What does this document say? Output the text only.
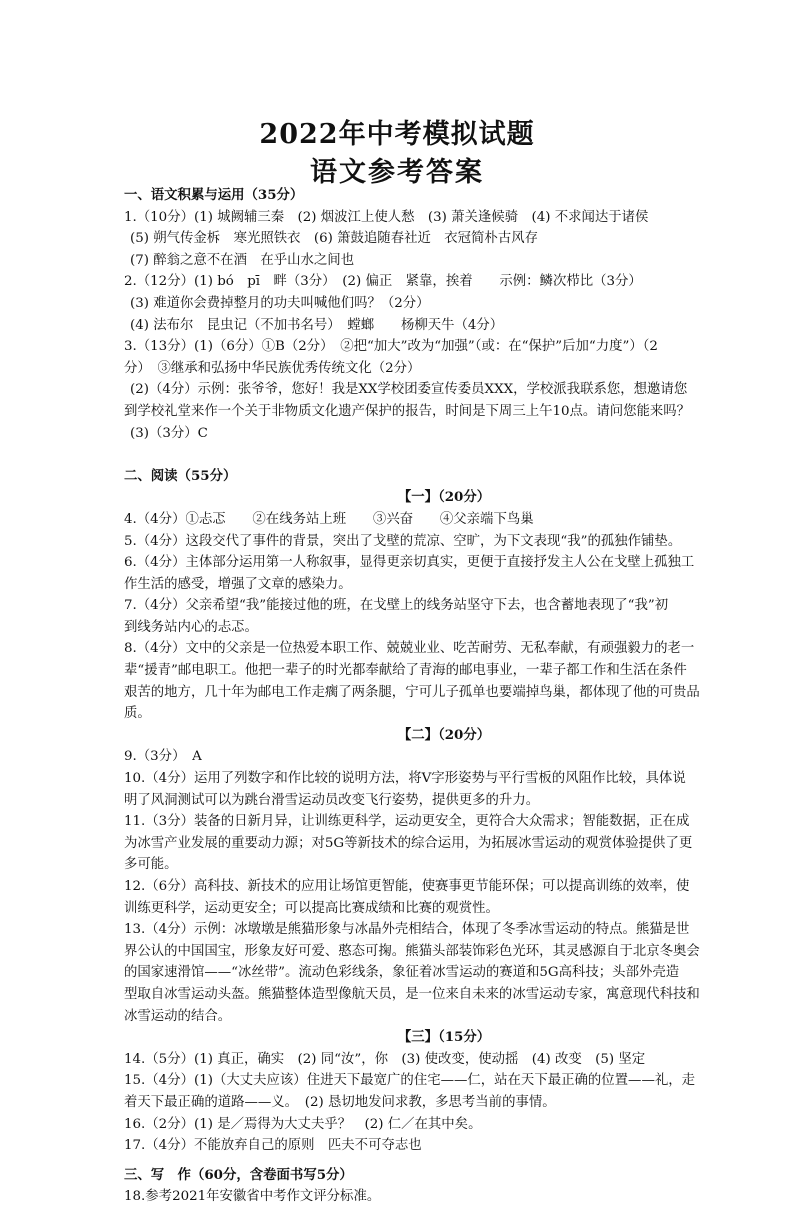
2022年中考模拟试题
语文参考答案
一、语文积累与运用（35分）
1.（10分）(1) 城阙辅三秦　(2) 烟波江上使人愁　(3) 萧关逢候骑　(4) 不求闻达于诸侯
(5) 朔气传金柝　寒光照铁衣　(6) 箫鼓追随春社近　衣冠简朴古风存
(7) 醉翁之意不在酒　在乎山水之间也
2.（12分）(1) bó　pī　畔（3分）　(2) 偏正　紧靠，挨着　　示例：鳞次栉比（3分）
(3) 难道你会费掉整月的功夫叫喊他们吗？（2分）
(4) 法布尔　昆虫记（不加书名号）　螳螂　　杨柳天牛（4分）
3.（13分）(1)（6分）①B（2分）　②把“加大”改为“加强”（或：在“保护”后加“力度”）（2
分）　③继承和弘扬中华民族优秀传统文化（2分）
(2)（4分）示例：张爷爷，您好！我是XX学校团委宣传委员XXX，学校派我联系您，想邀请您
到学校礼堂来作一个关于非物质文化遗产保护的报告，时间是下周三上午10点。请问您能来吗？
(3)（3分）C
二、阅读（55分）
【一】（20分）
4.（4分）①忐忑　　②在线务站上班　　③兴奋　　④父亲端下鸟巢
5.（4分）这段交代了事件的背景，突出了戈壁的荒凉、空旷，为下文表现“我”的孤独作铺垫。
6.（4分）主体部分运用第一人称叙事，显得更亲切真实，更便于直接抒发主人公在戈壁上孤独工
作生活的感受，增强了文章的感染力。
7.（4分）父亲希望“我”能接过他的班，在戈壁上的线务站坚守下去，也含蓄地表现了“我”初
到线务站内心的忐忑。
8.（4分）文中的父亲是一位热爱本职工作、兢兢业业、吃苦耐劳、无私奉献，有顽强毅力的老一
辈“援青”邮电职工。他把一辈子的时光都奉献给了青海的邮电事业，一辈子都工作和生活在条件
艰苦的地方，几十年为邮电工作走瘸了两条腿，宁可儿子孤单也要端掉鸟巢，都体现了他的可贵品
质。
【二】（20分）
9.（3分）　A
10.（4分）运用了列数字和作比较的说明方法，将V字形姿势与平行雪板的风阻作比较，具体说
明了风洞测试可以为跳台滑雪运动员改变飞行姿势，提供更多的升力。
11.（3分）装备的日新月异，让训练更科学，运动更安全，更符合大众需求；智能数据，正在成
为冰雪产业发展的重要动力源；对5G等新技术的综合运用，为拓展冰雪运动的观赏体验提供了更
多可能。
12.（6分）高科技、新技术的应用让场馆更智能，使赛事更节能环保；可以提高训练的效率，使
训练更科学，运动更安全；可以提高比赛成绩和比赛的观赏性。
13.（4分）示例：冰墩墩是熊猫形象与冰晶外壳相结合，体现了冬季冰雪运动的特点。熊猫是世
界公认的中国国宝，形象友好可爱、憨态可掬。熊猫头部装饰彩色光环，其灵感源自于北京冬奥会
的国家速滑馆——“冰丝带”。流动色彩线条，象征着冰雪运动的赛道和5G高科技；头部外壳造
型取自冰雪运动头盔。熊猫整体造型像航天员，是一位来自未来的冰雪运动专家，寓意现代科技和
冰雪运动的结合。
【三】（15分）
14.（5分）(1) 真正，确实　(2) 同“汝”，你　(3) 使改变，使动摇　(4) 改变　(5) 坚定
15.（4分）(1)（大丈夫应该）住进天下最宽广的住宅——仁，站在天下最正确的位置——礼，走
着天下最正确的道路——义。　(2) 恳切地发问求教，多思考当前的事情。
16.（2分）(1) 是／焉得为大丈夫乎？　(2) 仁／在其中矣。
17.（4分）不能放弃自己的原则　匹夫不可夺志也
三、写　作（60分，含卷面书写5分）
18.参考2021年安徽省中考作文评分标准。
